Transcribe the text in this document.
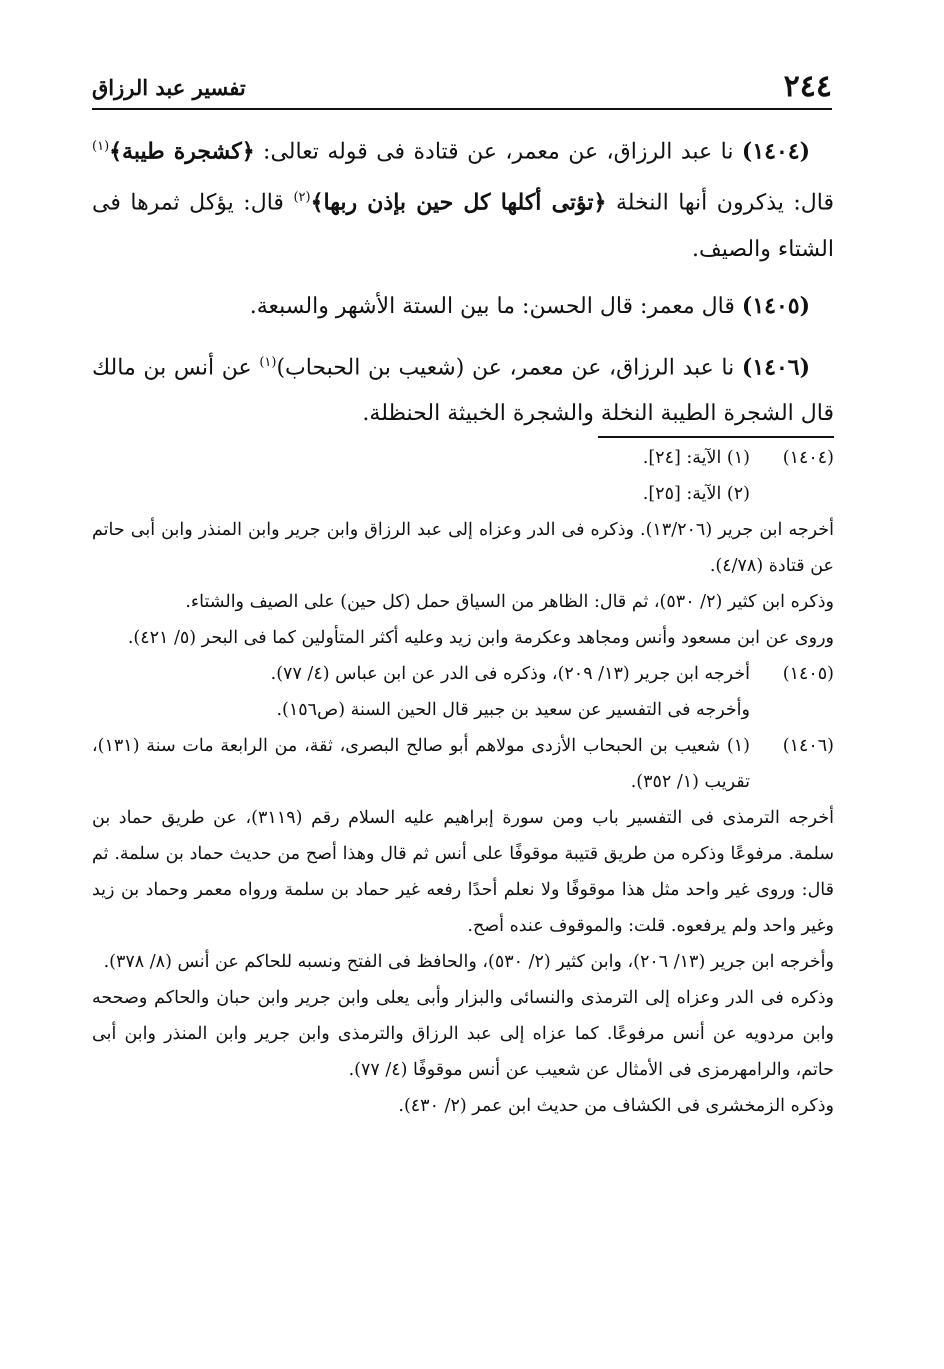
٢٤٤
تفسير عبد الرزاق

(١٤٠٤) نا عبد الرزاق، عن معمر، عن قتادة فى قوله تعالى: ﴿كشجرة طيبة﴾$^{(١)}$ قال: يذكرون أنها النخلة ﴿تؤتى أكلها كل حين بإذن ربها﴾$^{(٢)}$ قال: يؤكل ثمرها فى الشتاء والصيف.

(١٤٠٥) قال معمر: قال الحسن: ما بين الستة الأشهر والسبعة.

(١٤٠٦) نا عبد الرزاق، عن معمر، عن (شعيب بن الحبحاب)$^{(١)}$ عن أنس بن مالك قال الشجرة الطيبة النخلة والشجرة الخبيثة الحنظلة.

(١٤٠٤)

(١) الآية: [٢٤].

(٢) الآية: [٢٥].

أخرجه ابن جرير (١٣/٢٠٦). وذكره فى الدر وعزاه إلى عبد الرزاق وابن جرير وابن المنذر وابن أبى حاتم عن قتادة (٤/٧٨).

وذكره ابن كثير (٢/ ٥٣٠)، ثم قال: الظاهر من السياق حمل (كل حين) على الصيف والشتاء.

وروى عن ابن مسعود وأنس ومجاهد وعكرمة وابن زيد وعليه أكثر المتأولين كما فى البحر (٥/ ٤٢١).

(١٤٠٥)

أخرجه ابن جرير (١٣/ ٢٠٩)، وذكره فى الدر عن ابن عباس (٤/ ٧٧).

وأخرجه فى التفسير عن سعيد بن جبير قال الحين السنة (ص١٥٦).

(١٤٠٦)

(١) شعيب بن الحبحاب الأزدى مولاهم أبو صالح البصرى، ثقة، من الرابعة مات سنة (١٣١)، تقريب (١/ ٣٥٢).

أخرجه الترمذى فى التفسير باب ومن سورة إبراهيم عليه السلام رقم (٣١١٩)، عن طريق حماد بن سلمة. مرفوعًا وذكره من طريق قتيبة موقوفًا على أنس ثم قال وهذا أصح من حديث حماد بن سلمة. ثم قال: وروى غير واحد مثل هذا موقوفًا ولا نعلم أحدًا رفعه غير حماد بن سلمة ورواه معمر وحماد بن زيد وغير واحد ولم يرفعوه. قلت: والموقوف عنده أصح.

وأخرجه ابن جرير (١٣/ ٢٠٦)، وابن كثير (٢/ ٥٣٠)، والحافظ فى الفتح ونسبه للحاكم عن أنس (٨/ ٣٧٨).

وذكره فى الدر وعزاه إلى الترمذى والنسائى والبزار وأبى يعلى وابن جرير وابن حبان والحاكم وصححه وابن مردويه عن أنس مرفوعًا. كما عزاه إلى عبد الرزاق والترمذى وابن جرير وابن المنذر وابن أبى حاتم، والرامهرمزى فى الأمثال عن شعيب عن أنس موقوفًا (٤/ ٧٧).

وذكره الزمخشرى فى الكشاف من حديث ابن عمر (٢/ ٤٣٠).
